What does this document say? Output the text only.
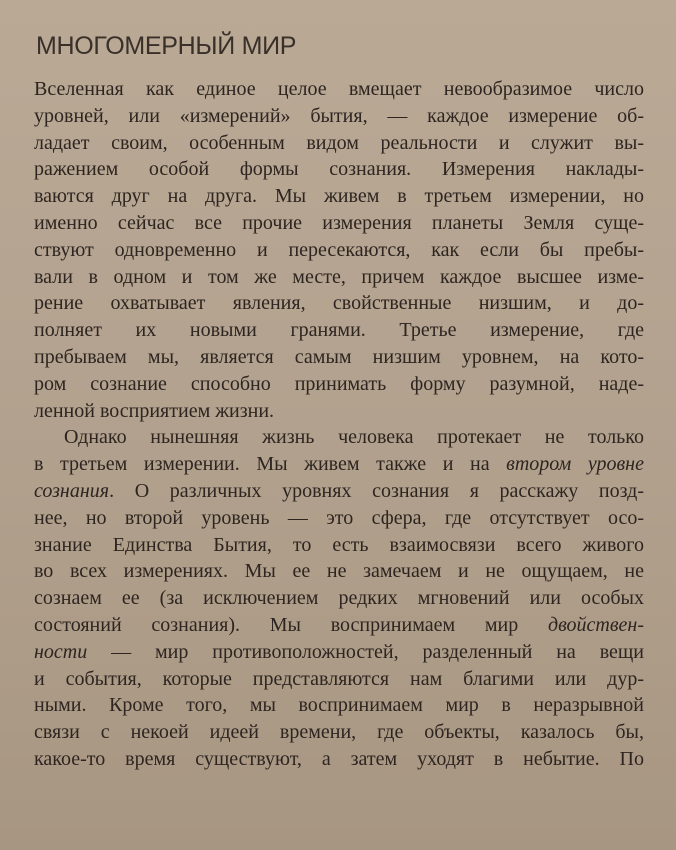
МНОГОМЕРНЫЙ МИР
Вселенная как единое целое вмещает невообразимое число
уровней, или «измерений» бытия, — каждое измерение об-
ладает своим, особенным видом реальности и служит вы-
ражением особой формы сознания. Измерения наклады-
ваются друг на друга. Мы живем в третьем измерении, но
именно сейчас все прочие измерения планеты Земля суще-
ствуют одновременно и пересекаются, как если бы пребы-
вали в одном и том же месте, причем каждое высшее изме-
рение охватывает явления, свойственные низшим, и до-
полняет их новыми гранями. Третье измерение, где
пребываем мы, является самым низшим уровнем, на кото-
ром сознание способно принимать форму разумной, наде-
ленной восприятием жизни.
Однако нынешняя жизнь человека протекает не только
в третьем измерении. Мы живем также и на втором уровне
сознания. О различных уровнях сознания я расскажу позд-
нее, но второй уровень — это сфера, где отсутствует осо-
знание Единства Бытия, то есть взаимосвязи всего живого
во всех измерениях. Мы ее не замечаем и не ощущаем, не
сознаем ее (за исключением редких мгновений или особых
состояний сознания). Мы воспринимаем мир двойствен-
ности — мир противоположностей, разделенный на вещи
и события, которые представляются нам благими или дур-
ными. Кроме того, мы воспринимаем мир в неразрывной
связи с некоей идеей времени, где объекты, казалось бы,
какое-то время существуют, а затем уходят в небытие. По
